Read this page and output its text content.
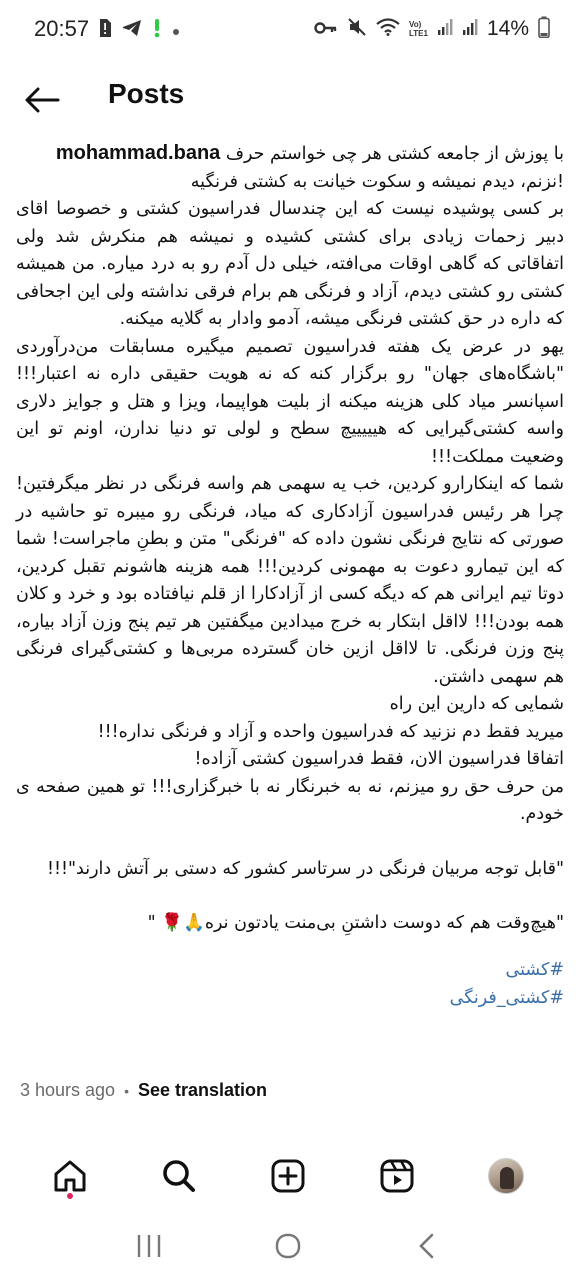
20:57	Vo)
LTE1	14%
Posts

با پوزش از جامعه کشتی هر چی خواستم حرف mohammad.bana

!نزنم، دیدم نمیشه و سکوت خیانت به کشتی فرنگیه

بر کسی پوشیده نیست که این چندسال فدراسیون کشتی و خصوصا اقای دبیر زحمات زیادی برای کشتی کشیده و نمیشه هم منکرش شد ولی اتفاقاتی که گاهی اوقات می‌افته، خیلی دل آدم رو به درد میاره. من همیشه کشتی رو کشتی دیدم، آزاد و فرنگی هم برام فرقی نداشته ولی این اجحافی که داره در حق کشتی فرنگی میشه، آدمو وادار به گلایه میکنه.

یهو در عرض یک هفته فدراسیون تصمیم میگیره مسابقات من‌درآوردی "باشگاه‌های جهان" رو برگزار کنه که نه هویت حقیقی داره نه اعتبار!!! اسپانسر میاد کلی هزینه میکنه از بلیت هواپیما، ویزا و هتل و جوایز دلاری واسه کشتی‌گیرایی که هیییییچ سطح و لولی تو دنیا ندارن، اونم تو این وضعیت مملکت!!!

شما که اینکارارو کردین، خب یه سهمی هم واسه فرنگی در نظر میگرفتین! چرا هر رئیس فدراسیون آزادکاری که میاد، فرنگی رو میبره تو حاشیه در صورتی که نتایج فرنگی نشون داده که "فرنگی" متن و بطنِ ماجراست! شما که این تیمارو دعوت به مهمونی کردین!!! همه هزینه هاشونم تقبل کردین، دوتا تیم ایرانی هم که دیگه کسی از آزادکارا از قلم نیافتاده بود و خرد و کلان همه بودن!!! لااقل ابتکار به خرج میدادین میگفتین هر تیم پنج وزن آزاد بیاره، پنج وزن فرنگی. تا لااقل ازین خان گسترده مربی‌ها و کشتی‌گیرای فرنگی هم سهمی داشتن.

شمایی که دارین این راه

میرید فقط دم نزنید که فدراسیون واحده و آزاد و فرنگی نداره!!!

اتفاقا فدراسیون الان، فقط فدراسیون کشتی آزاده!

من حرف حق رو میزنم، نه به خبرنگار نه با خبرگزاری!!! تو همین صفحه ی خودم.

"قابل توجه مربیان فرنگی در سرتاسر کشور که دستی بر آتش دارند"!!!

"هیچ‌وقت هم که دوست داشتنِ بی‌منت یادتون نره🙏🌹 "

#کشتی
#کشتی_فرنگی
3 hours ago • See translation
